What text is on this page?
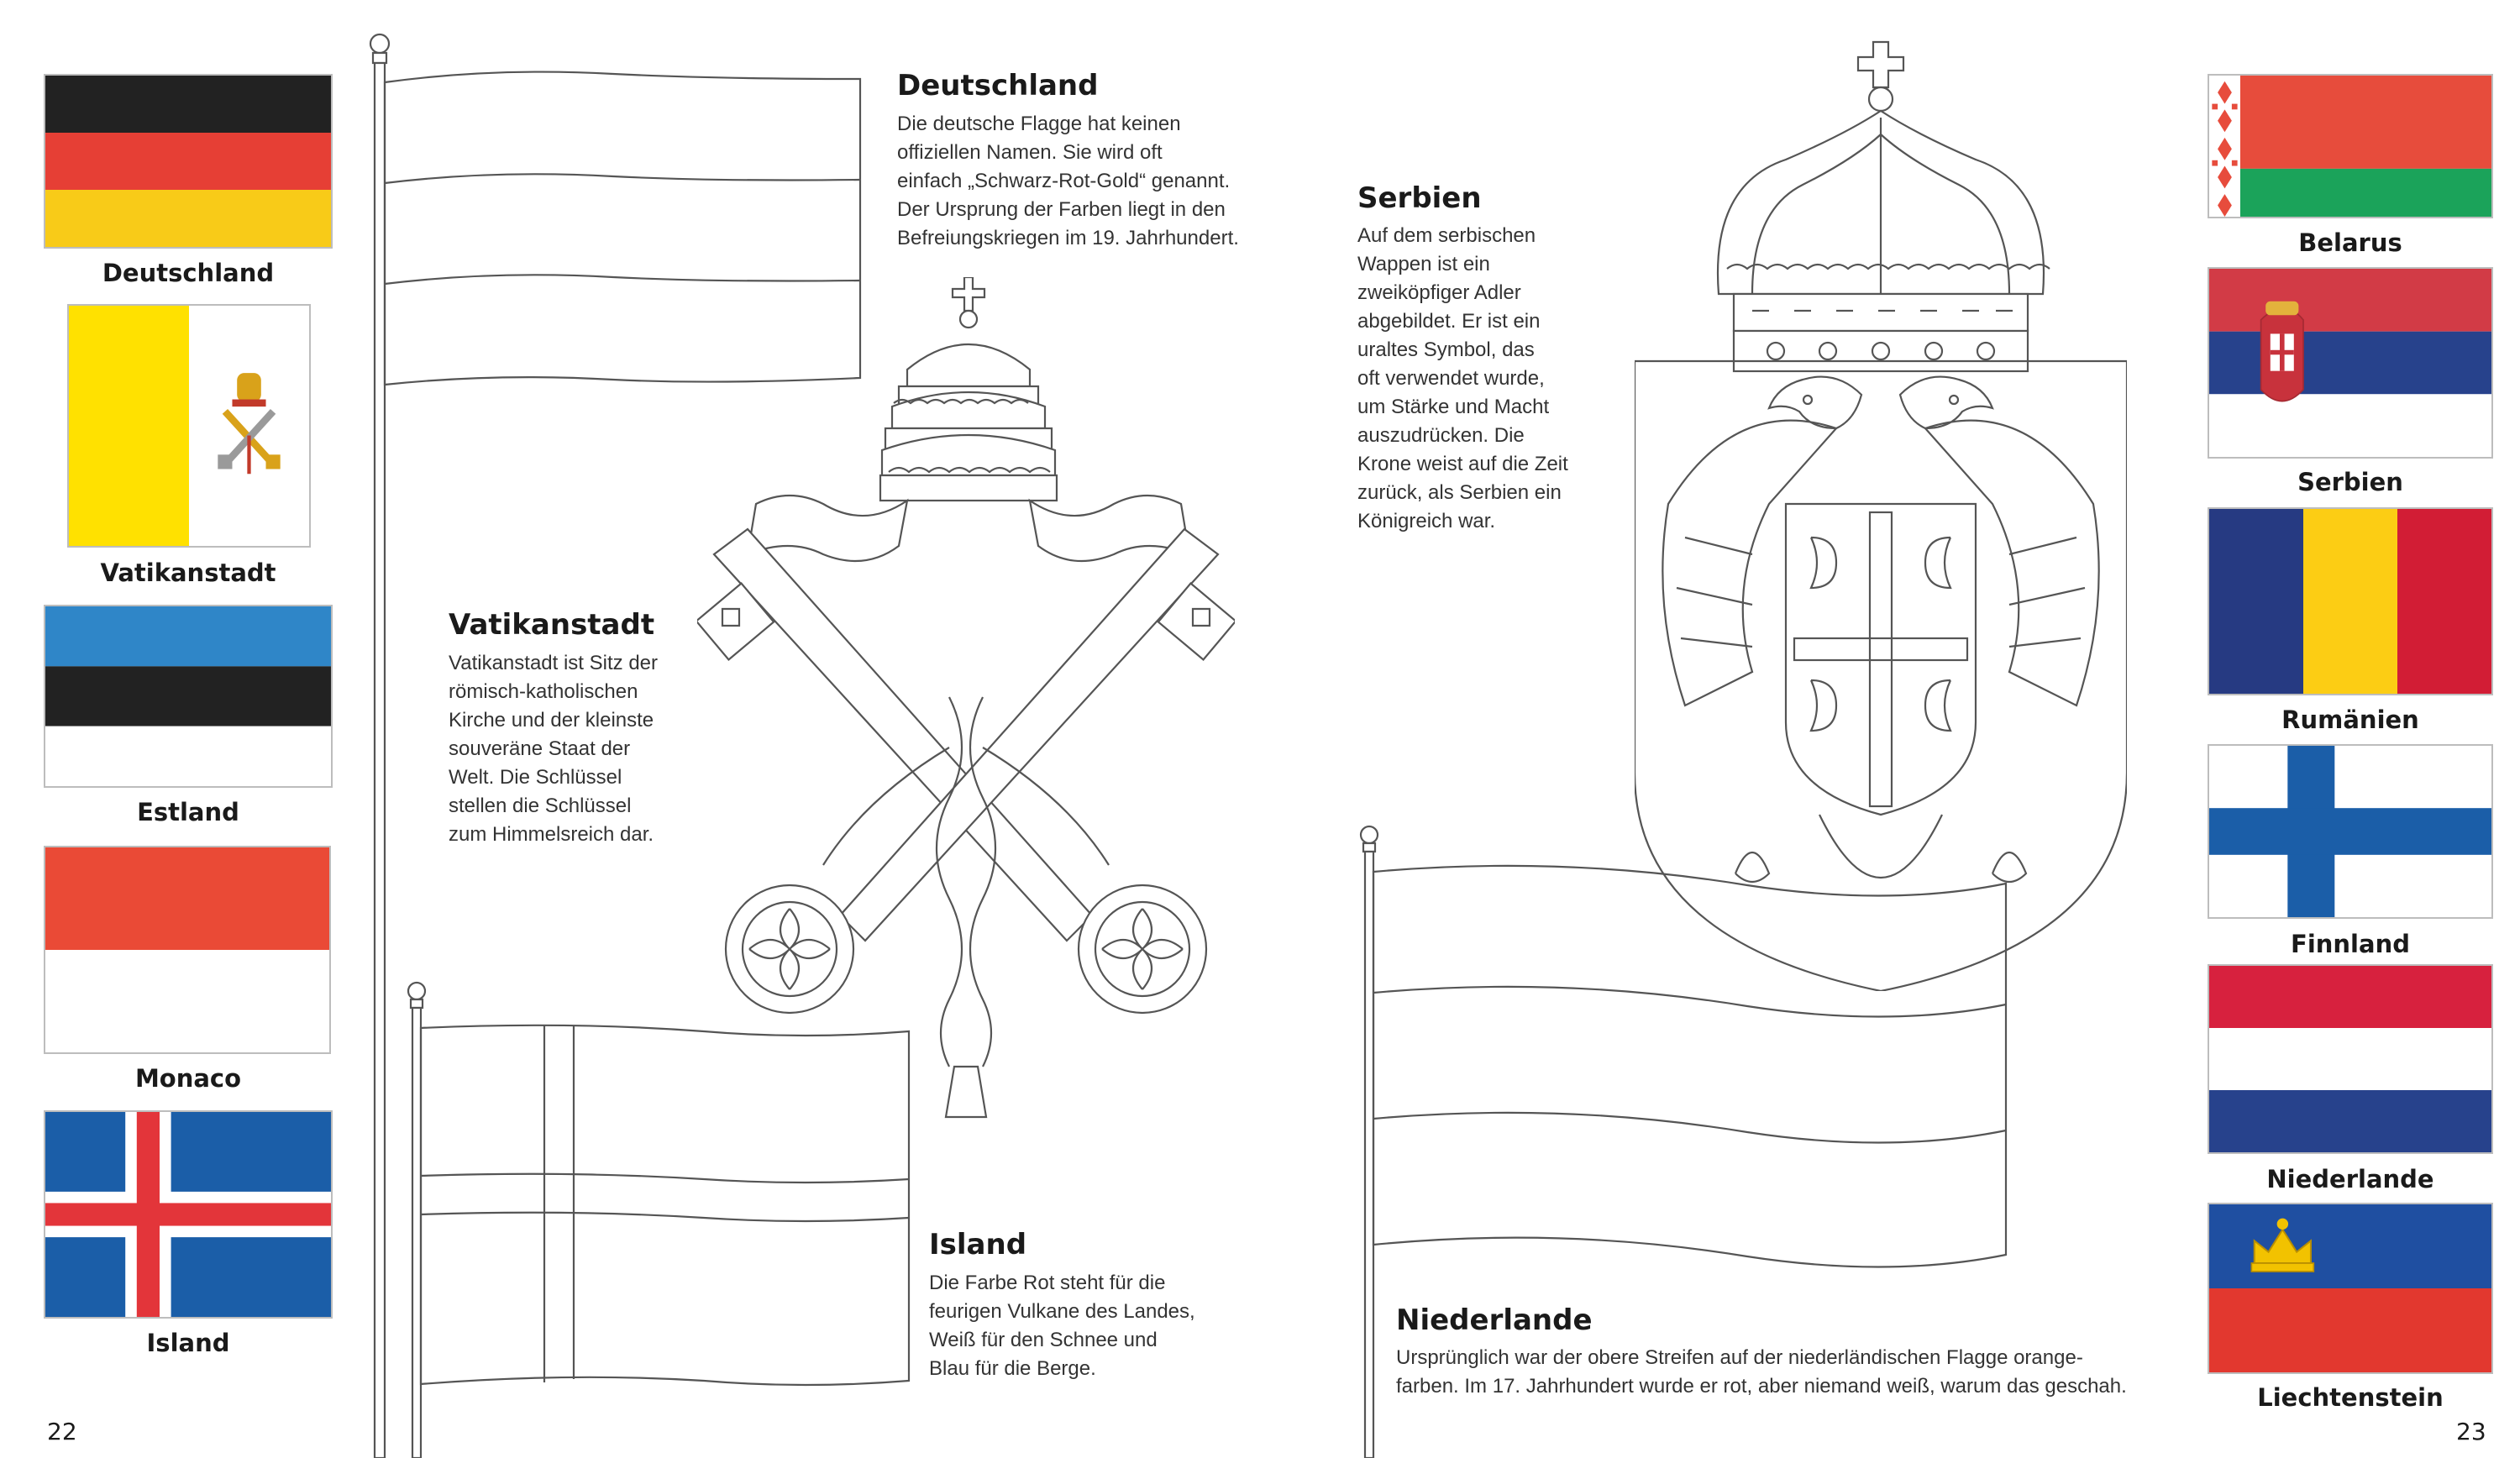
Deutschland
Vatikanstadt
Estland
Monaco
Island
Belarus
Serbien
Rumänien
Finnland
Niederlande
Liechtenstein
Deutschland
Die deutsche Flagge hat keinen
offiziellen Namen. Sie wird oft
einfach „Schwarz-Rot-Gold“ genannt.
Der Ursprung der Farben liegt in den
Befreiungskriegen im 19. Jahrhundert.
Vatikanstadt
Vatikanstadt ist Sitz der
römisch-katholischen
Kirche und der kleinste
souveräne Staat der
Welt. Die Schlüssel
stellen die Schlüssel
zum Himmelsreich dar.
Serbien
Auf dem serbischen
Wappen ist ein
zweiköpfiger Adler
abgebildet. Er ist ein
uraltes Symbol, das
oft verwendet wurde,
um Stärke und Macht
auszudrücken. Die
Krone weist auf die Zeit
zurück, als Serbien ein
Königreich war.
Island
Die Farbe Rot steht für die
feurigen Vulkane des Landes,
Weiß für den Schnee und
Blau für die Berge.
Niederlande
Ursprünglich war der obere Streifen auf der niederländischen Flagge orange-
farben. Im 17. Jahrhundert wurde er rot, aber niemand weiß, warum das geschah.
22	23
